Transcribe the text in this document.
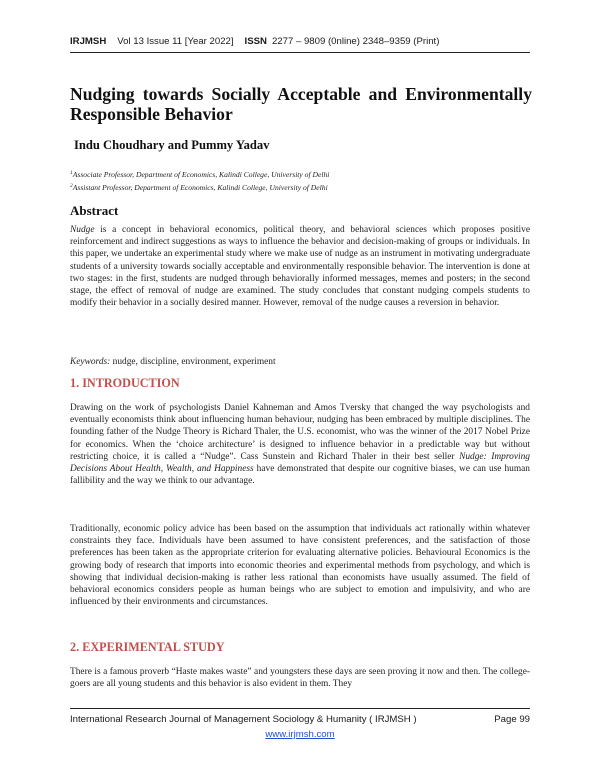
IRJMSH Vol 13 Issue 11 [Year 2022] ISSN 2277 – 9809 (0nline) 2348–9359 (Print)
Nudging towards Socially Acceptable and Environmentally Responsible Behavior

Indu Choudhary and Pummy Yadav

$^1$Associate Professor, Department of Economics, Kalindi College, University of Delhi
$^2$Assistant Professor, Department of Economics, Kalindi College, University of Delhi
Abstract

Nudge is a concept in behavioral economics, political theory, and behavioral sciences which proposes positive reinforcement and indirect suggestions as ways to influence the behavior and decision-making of groups or individuals. In this paper, we undertake an experimental study where we make use of nudge as an instrument in motivating undergraduate students of a university towards socially acceptable and environmentally responsible behavior. The intervention is done at two stages: in the first, students are nudged through behaviorally informed messages, memes and posters; in the second stage, the effect of removal of nudge are examined. The study concludes that constant nudging compels students to modify their behavior in a socially desired manner. However, removal of the nudge causes a reversion in behavior.

Keywords: nudge, discipline, environment, experiment

1. INTRODUCTION

Drawing on the work of psychologists Daniel Kahneman and Amos Tversky that changed the way psychologists and eventually economists think about influencing human behaviour, nudging has been embraced by multiple disciplines. The founding father of the Nudge Theory is Richard Thaler, the U.S. economist, who was the winner of the 2017 Nobel Prize for economics. When the ‘choice architecture’ is designed to influence behavior in a predictable way but without restricting choice, it is called a “Nudge”. Cass Sunstein and Richard Thaler in their best seller Nudge: Improving Decisions About Health, Wealth, and Happiness have demonstrated that despite our cognitive biases, we can use human fallibility and the way we think to our advantage.

Traditionally, economic policy advice has been based on the assumption that individuals act rationally within whatever constraints they face. Individuals have been assumed to have consistent preferences, and the satisfaction of those preferences has been taken as the appropriate criterion for evaluating alternative policies. Behavioural Economics is the growing body of research that imports into economic theories and experimental methods from psychology, and which is showing that individual decision-making is rather less rational than economists have usually assumed. The field of behavioral economics considers people as human beings who are subject to emotion and impulsivity, and who are influenced by their environments and circumstances.

2. EXPERIMENTAL STUDY

There is a famous proverb “Haste makes waste” and youngsters these days are seen proving it now and then. The college-goers are all young students and this behavior is also evident in them. They

International Research Journal of Management Sociology & Humanity ( IRJMSH )	Page 99
www.irjmsh.com
